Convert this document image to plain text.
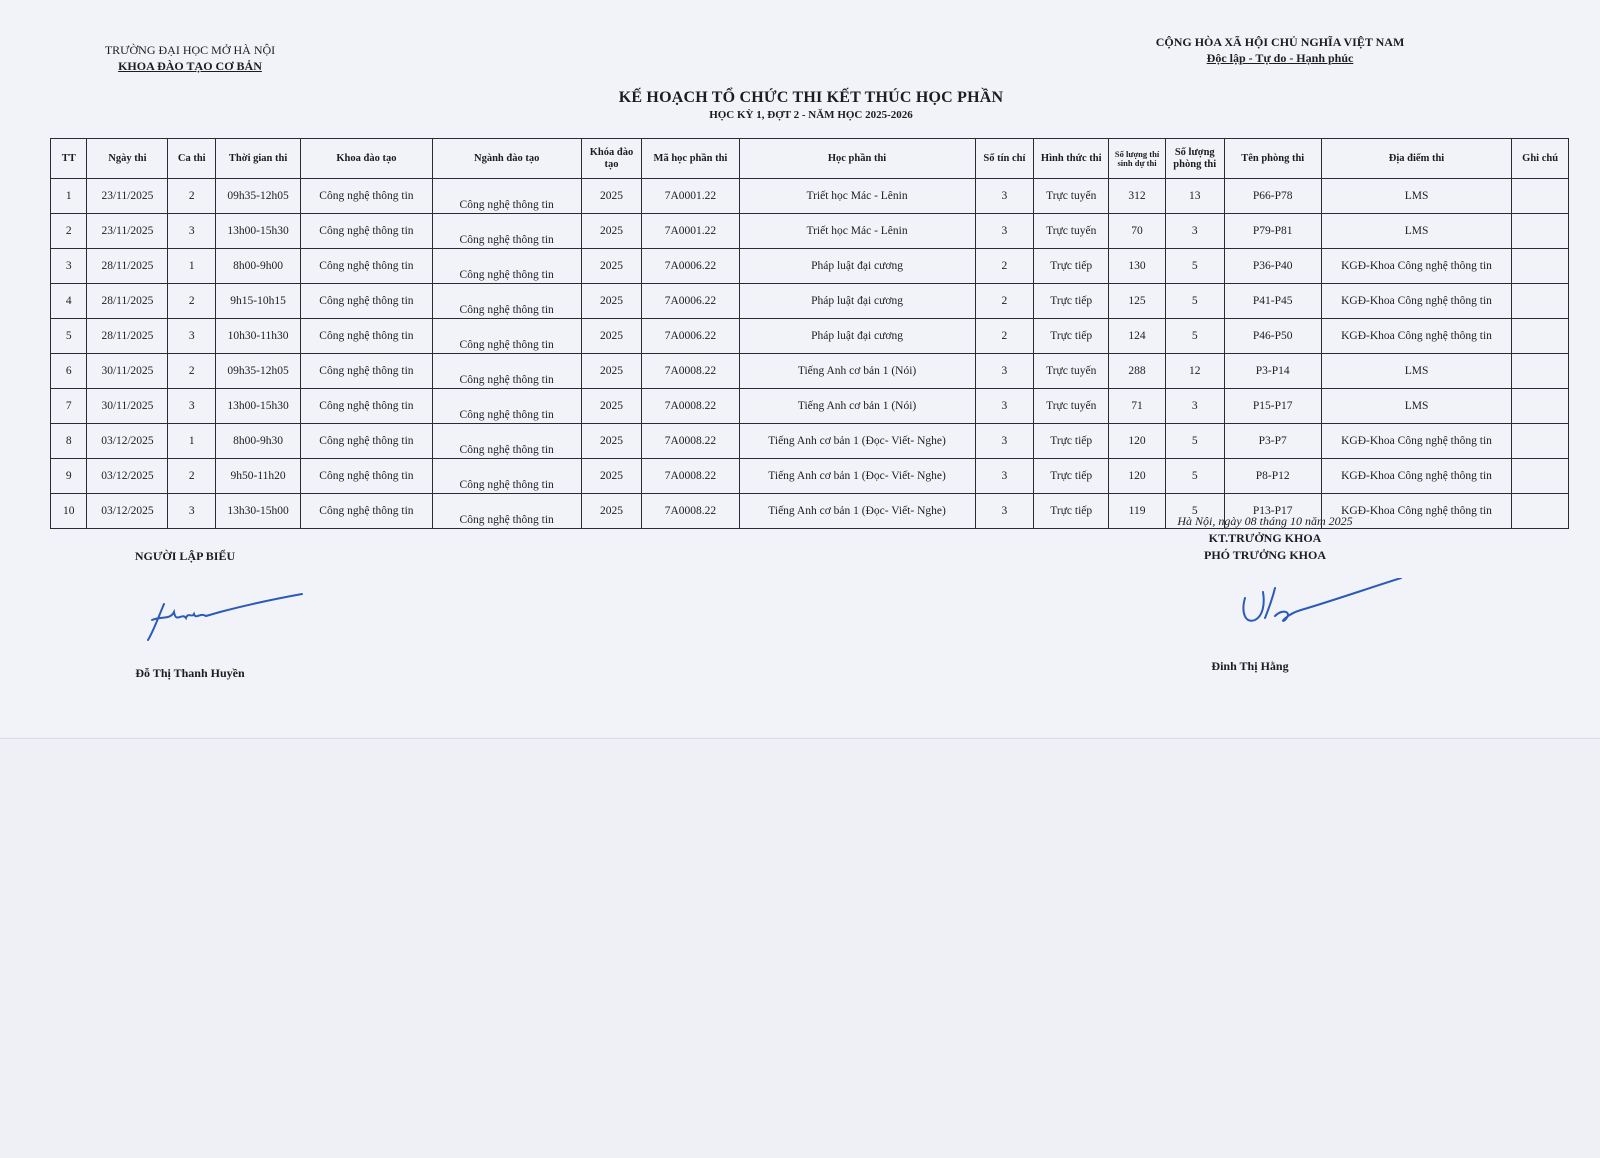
TRƯỜNG ĐẠI HỌC MỞ HÀ NỘI
KHOA ĐÀO TẠO CƠ BẢN
CỘNG HÒA XÃ HỘI CHỦ NGHĨA VIỆT NAM
Độc lập - Tự do - Hạnh phúc
KẾ HOẠCH TỔ CHỨC THI KẾT THÚC HỌC PHẦN
HỌC KỲ 1, ĐỢT 2 - NĂM HỌC 2025-2026
TT	Ngày thi	Ca thi	Thời gian thi	Khoa đào tạo	Ngành đào tạo	Khóa đào tạo	Mã học phần thi	Học phần thi	Số tín chỉ	Hình thức thi	Số lượng thí sinh dự thi	Số lượng phòng thi	Tên phòng thi	Địa điểm thi	Ghi chú
1	23/11/2025	2	09h35-12h05	Công nghệ thông tin	Công nghệ thông tin	2025	7A0001.22	Triết học Mác - Lênin	3	Trực tuyến	312	13	P66-P78	LMS	
2	23/11/2025	3	13h00-15h30	Công nghệ thông tin	Công nghệ thông tin	2025	7A0001.22	Triết học Mác - Lênin	3	Trực tuyến	70	3	P79-P81	LMS	
3	28/11/2025	1	8h00-9h00	Công nghệ thông tin	Công nghệ thông tin	2025	7A0006.22	Pháp luật đại cương	2	Trực tiếp	130	5	P36-P40	KGĐ-Khoa Công nghệ thông tin	
4	28/11/2025	2	9h15-10h15	Công nghệ thông tin	Công nghệ thông tin	2025	7A0006.22	Pháp luật đại cương	2	Trực tiếp	125	5	P41-P45	KGĐ-Khoa Công nghệ thông tin	
5	28/11/2025	3	10h30-11h30	Công nghệ thông tin	Công nghệ thông tin	2025	7A0006.22	Pháp luật đại cương	2	Trực tiếp	124	5	P46-P50	KGĐ-Khoa Công nghệ thông tin	
6	30/11/2025	2	09h35-12h05	Công nghệ thông tin	Công nghệ thông tin	2025	7A0008.22	Tiếng Anh cơ bản 1 (Nói)	3	Trực tuyến	288	12	P3-P14	LMS	
7	30/11/2025	3	13h00-15h30	Công nghệ thông tin	Công nghệ thông tin	2025	7A0008.22	Tiếng Anh cơ bản 1 (Nói)	3	Trực tuyến	71	3	P15-P17	LMS	
8	03/12/2025	1	8h00-9h30	Công nghệ thông tin	Công nghệ thông tin	2025	7A0008.22	Tiếng Anh cơ bản 1 (Đọc- Viết- Nghe)	3	Trực tiếp	120	5	P3-P7	KGĐ-Khoa Công nghệ thông tin	
9	03/12/2025	2	9h50-11h20	Công nghệ thông tin	Công nghệ thông tin	2025	7A0008.22	Tiếng Anh cơ bản 1 (Đọc- Viết- Nghe)	3	Trực tiếp	120	5	P8-P12	KGĐ-Khoa Công nghệ thông tin	
10	03/12/2025	3	13h30-15h00	Công nghệ thông tin	Công nghệ thông tin	2025	7A0008.22	Tiếng Anh cơ bản 1 (Đọc- Viết- Nghe)	3	Trực tiếp	119	5	P13-P17	KGĐ-Khoa Công nghệ thông tin	
NGƯỜI LẬP BIỂU
Đỗ Thị Thanh Huyền
Hà Nội, ngày 08 tháng 10 năm 2025
KT.TRƯỞNG KHOA
PHÓ TRƯỞNG KHOA
Đinh Thị Hằng
